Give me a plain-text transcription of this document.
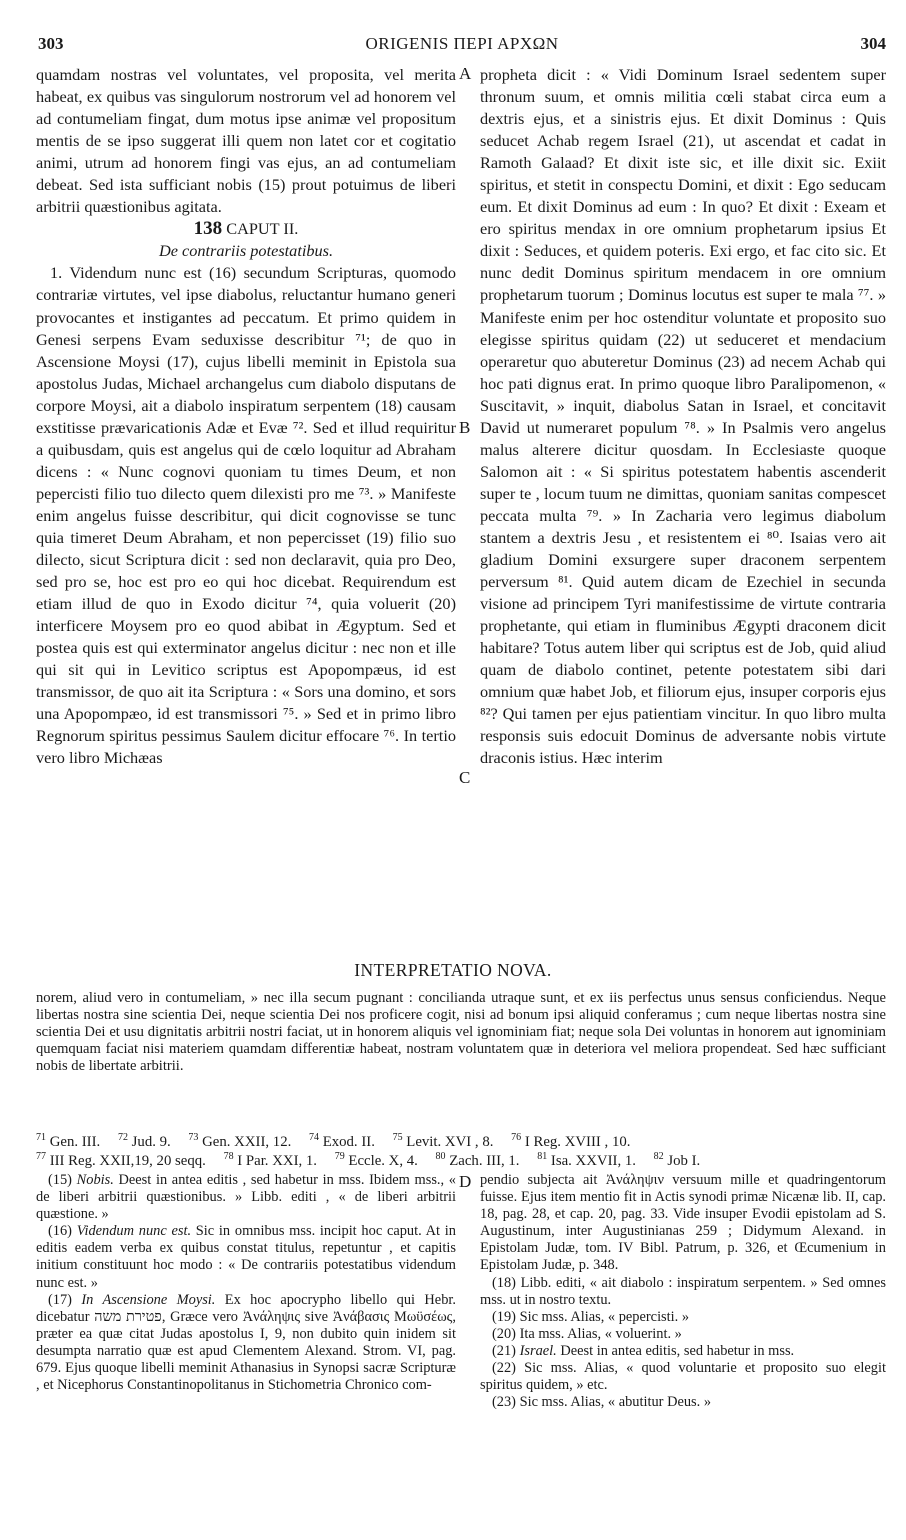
303	ORIGENIS ΠΕΡΙ ΑΡΧΩΝ	304
A
B
C
D

quamdam nostras vel voluntates, vel proposita, vel merita habeat, ex quibus vas singulorum nostrorum vel ad honorem vel ad contumeliam fingat, dum motus ipse animæ vel propositum mentis de se ipso suggerat illi quem non latet cor et cogitatio animi, utrum ad honorem fingi vas ejus, an ad contumeliam debeat. Sed ista sufficiant nobis (15) prout potuimus de liberi arbitrii quæstionibus agitata.

138 CAPUT II.

De contrariis potestatibus.

1. Videndum nunc est (16) secundum Scripturas, quomodo contrariæ virtutes, vel ipse diabolus, reluctantur humano generi provocantes et instigantes ad peccatum. Et primo quidem in Genesi serpens Evam seduxisse describitur ⁷¹; de quo in Ascensione Moysi (17), cujus libelli meminit in Epistola sua apostolus Judas, Michael archangelus cum diabolo disputans de corpore Moysi, ait a diabolo inspiratum serpentem (18) causam exstitisse prævaricationis Adæ et Evæ ⁷². Sed et illud requiritur a quibusdam, quis est angelus qui de cœlo loquitur ad Abraham dicens : « Nunc cognovi quoniam tu times Deum, et non pepercisti filio tuo dilecto quem dilexisti pro me ⁷³. » Manifeste enim angelus fuisse describitur, qui dicit cognovisse se tunc quia timeret Deum Abraham, et non pepercisset (19) filio suo dilecto, sicut Scriptura dicit : sed non declaravit, quia pro Deo, sed pro se, hoc est pro eo qui hoc dicebat. Requirendum est etiam illud de quo in Exodo dicitur ⁷⁴, quia voluerit (20) interficere Moysem pro eo quod abibat in Ægyptum. Sed et postea quis est qui exterminator angelus dicitur : nec non et ille qui sit qui in Levitico scriptus est Apopompæus, id est transmissor, de quo ait ita Scriptura : « Sors una domino, et sors una Apopompæo, id est transmissori ⁷⁵. » Sed et in primo libro Regnorum spiritus pessimus Saulem dicitur effocare ⁷⁶. In tertio vero libro Michæas

propheta dicit : « Vidi Dominum Israel sedentem super thronum suum, et omnis militia cœli stabat circa eum a dextris ejus, et a sinistris ejus. Et dixit Dominus : Quis seducet Achab regem Israel (21), ut ascendat et cadat in Ramoth Galaad? Et dixit iste sic, et ille dixit sic. Exiit spiritus, et stetit in conspectu Domini, et dixit : Ego seducam eum. Et dixit Dominus ad eum : In quo? Et dixit : Exeam et ero spiritus mendax in ore omnium prophetarum ipsius Et dixit : Seduces, et quidem poteris. Exi ergo, et fac cito sic. Et nunc dedit Dominus spiritum mendacem in ore omnium prophetarum tuorum ; Dominus locutus est super te mala ⁷⁷. » Manifeste enim per hoc ostenditur voluntate et proposito suo elegisse spiritus quidam (22) ut seduceret et mendacium operaretur quo abuteretur Dominus (23) ad necem Achab qui hoc pati dignus erat. In primo quoque libro Paralipomenon, « Suscitavit, » inquit, diabolus Satan in Israel, et concitavit David ut numeraret populum ⁷⁸. » In Psalmis vero angelus malus alterere dicitur quosdam. In Ecclesiaste quoque Salomon ait : « Si spiritus potestatem habentis ascenderit super te , locum tuum ne dimittas, quoniam sanitas compescet peccata multa ⁷⁹. » In Zacharia vero legimus diabolum stantem a dextris Jesu , et resistentem ei ⁸⁰. Isaias vero ait gladium Domini exsurgere super draconem serpentem perversum ⁸¹. Quid autem dicam de Ezechiel in secunda visione ad principem Tyri manifestissime de virtute contraria prophetante, qui etiam in fluminibus Ægypti draconem dicit habitare? Totus autem liber qui scriptus est de Job, quid aliud quam de diabolo continet, petente potestatem sibi dari omnium quæ habet Job, et filiorum ejus, insuper corporis ejus ⁸²? Qui tamen per ejus patientiam vincitur. In quo libro multa responsis suis edocuit Dominus de adversante nobis virtute draconis istius. Hæc interim

INTERPRETATIO NOVA.
norem, aliud vero in contumeliam, » nec illa secum pugnant : concilianda utraque sunt, et ex iis perfectus unus sensus conficiendus. Neque libertas nostra sine scientia Dei, neque scientia Dei nos proficere cogit, nisi ad bonum ipsi aliquid conferamus ; cum neque libertas nostra sine scientia Dei et usu dignitatis arbitrii nostri faciat, ut in honorem aliquis vel ignominiam fiat; neque sola Dei voluntas in honorem aut ignominiam quemquam faciat nisi materiem quamdam differentiæ habeat, nostram voluntatem quæ in deteriora vel meliora propendeat. Sed hæc sufficiant nobis de libertate arbitrii.
$^{71}$ Gen. III. $^{72}$ Jud. 9. $^{73}$ Gen. XXII, 12. $^{74}$ Exod. II. $^{75}$ Levit. XVI , 8. $^{76}$ I Reg. XVIII , 10.
$^{77}$ III Reg. XXII,19, 20 seqq. $^{78}$ I Par. XXI, 1. $^{79}$ Eccle. X, 4. $^{80}$ Zach. III, 1. $^{81}$ Isa. XXVII, 1. $^{82}$ Job I.

(15) Nobis. Deest in antea editis , sed habetur in mss. Ibidem mss., « de liberi arbitrii quæstionibus. » Libb. editi , « de liberi arbitrii quæstione. »

(16) Videndum nunc est. Sic in omnibus mss. incipit hoc caput. At in editis eadem verba ex quibus constat titulus, repetuntur , et capitis initium constituunt hoc modo : « De contrariis potestatibus videndum nunc est. »

(17) In Ascensione Moysi. Ex hoc apocrypho libello qui Hebr. dicebatur פטירת משה, Græce vero Ἀνάληψις sive Ἀνάβασις Μωϋσέως, præter ea quæ citat Judas apostolus I, 9, non dubito quin inidem sit desumpta narratio quæ est apud Clementem Alexand. Strom. VI, pag. 679. Ejus quoque libelli meminit Athanasius in Synopsi sacræ Scripturæ , et Nicephorus Constantinopolitanus in Stichometria Chronico com-

pendio subjecta ait Ἀνάληψιν versuum mille et quadringentorum fuisse. Ejus item mentio fit in Actis synodi primæ Nicænæ lib. II, cap. 18, pag. 28, et cap. 20, pag. 33. Vide insuper Evodii epistolam ad S. Augustinum, inter Augustinianas 259 ; Didymum Alexand. in Epistolam Judæ, tom. IV Bibl. Patrum, p. 326, et Œcumenium in Epistolam Judæ, p. 348.

(18) Libb. editi, « ait diabolo : inspiratum serpentem. » Sed omnes mss. ut in nostro textu.

(19) Sic mss. Alias, « pepercisti. »

(20) Ita mss. Alias, « voluerint. »

(21) Israel. Deest in antea editis, sed habetur in mss.

(22) Sic mss. Alias, « quod voluntarie et proposito suo elegit spiritus quidem, » etc.

(23) Sic mss. Alias, « abutitur Deus. »
